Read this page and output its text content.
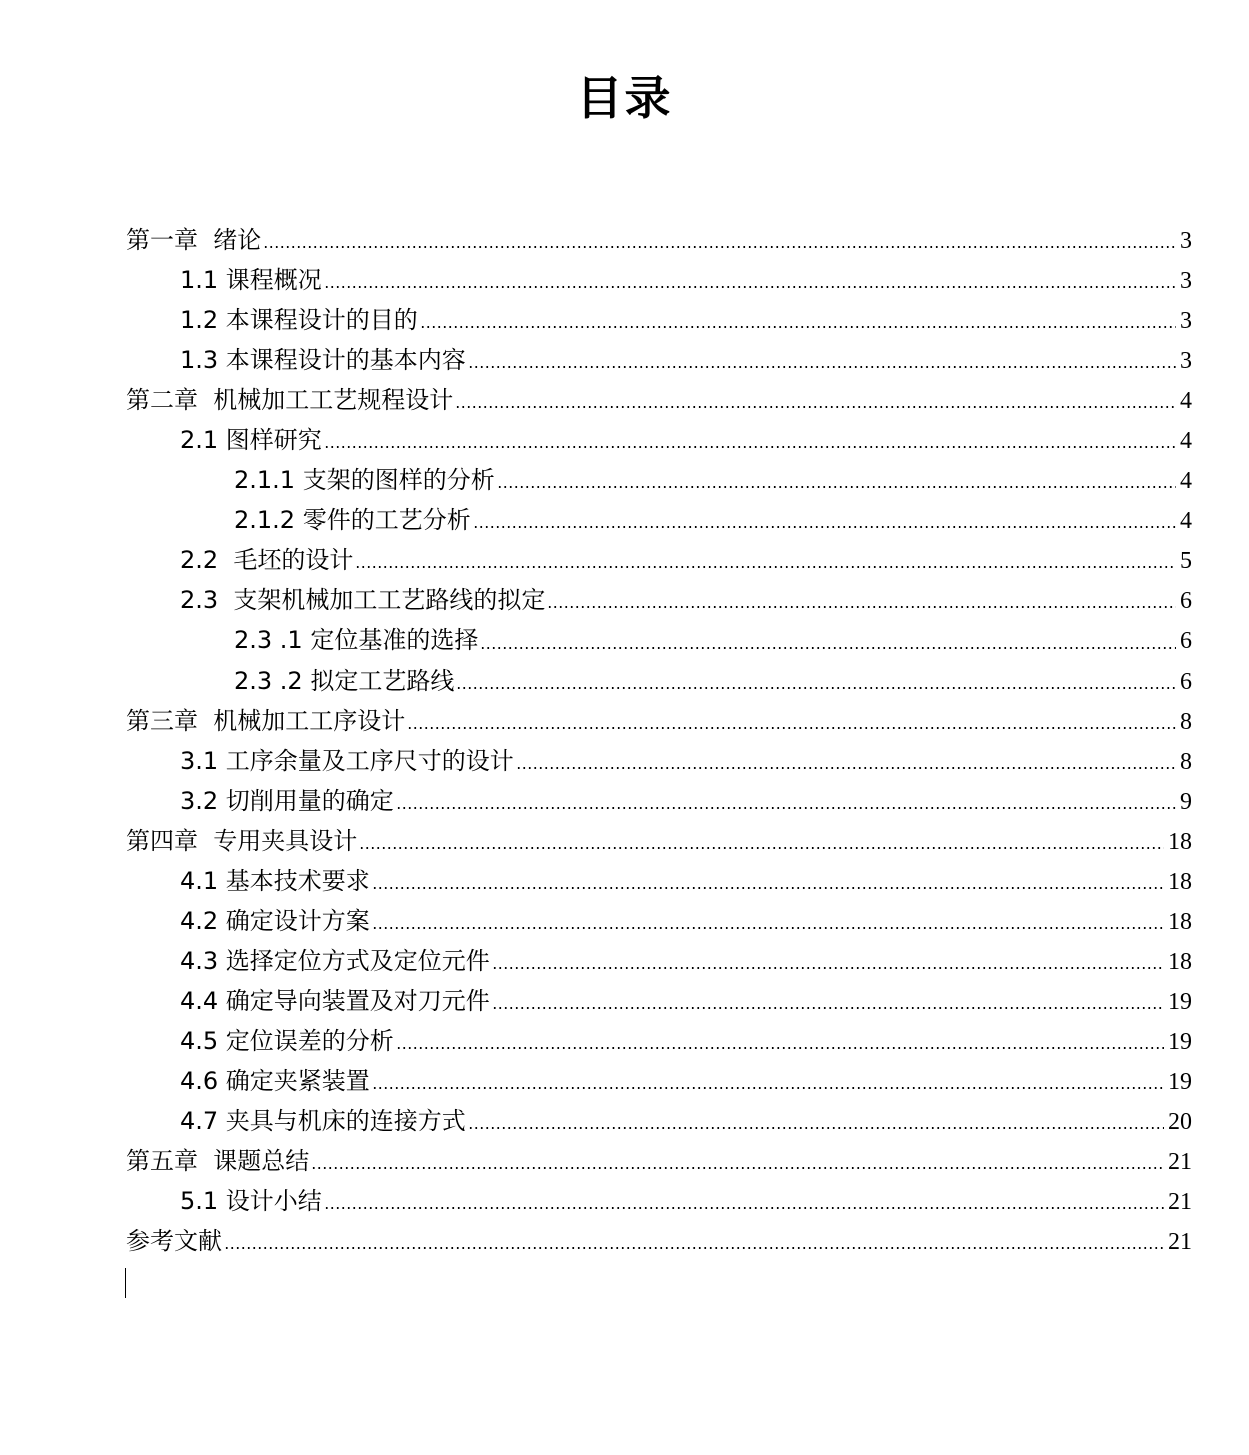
目录
第一章  绪论	3
1.1 课程概况	3
1.2 本课程设计的目的	3
1.3 本课程设计的基本内容	3
第二章  机械加工工艺规程设计	4
2.1 图样研究	4
2.1.1 支架的图样的分析	4
2.1.2 零件的工艺分析	4
2.2  毛坯的设计	5
2.3  支架机械加工工艺路线的拟定	6
2.3 .1 定位基准的选择	6
2.3 .2 拟定工艺路线	6
第三章  机械加工工序设计	8
3.1 工序余量及工序尺寸的设计	8
3.2 切削用量的确定	9
第四章  专用夹具设计	18
4.1 基本技术要求	18
4.2 确定设计方案	18
4.3 选择定位方式及定位元件	18
4.4 确定导向装置及对刀元件	19
4.5 定位误差的分析	19
4.6 确定夹紧装置	19
4.7 夹具与机床的连接方式	20
第五章  课题总结	21
5.1 设计小结	21
参考文献	21
